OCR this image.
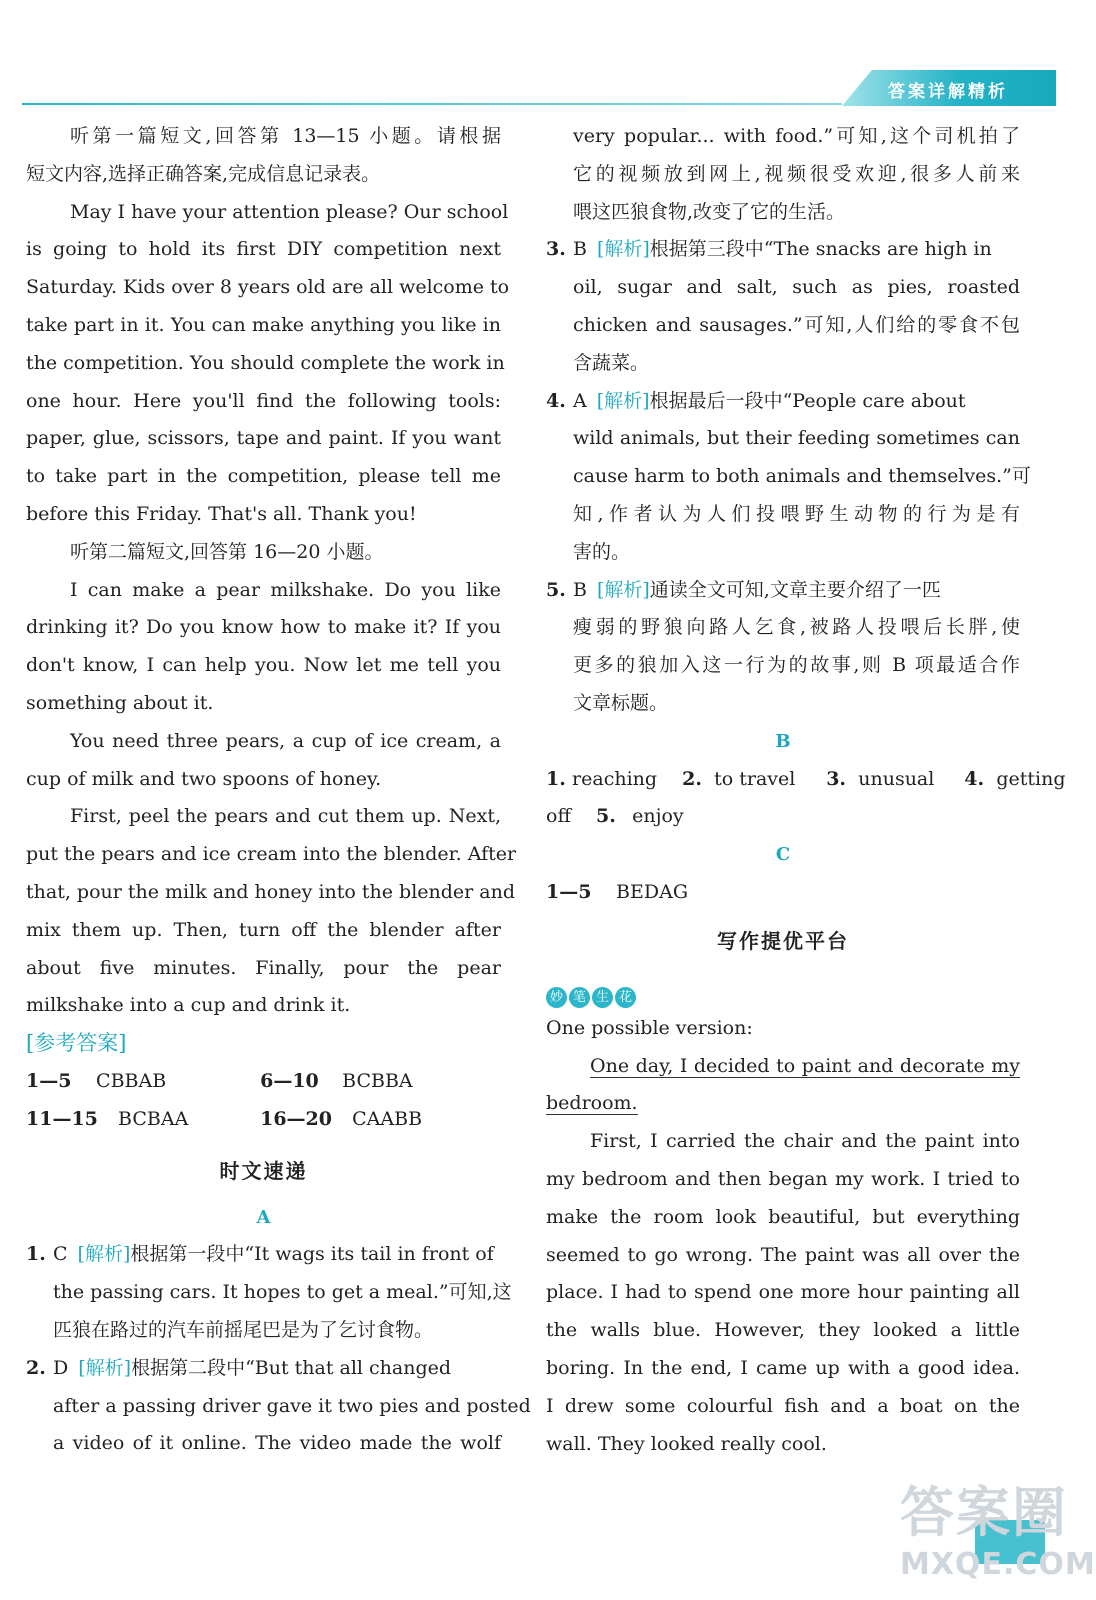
答案详解精析
听第一篇短文,回答第 13—15 小题。请根据
短文内容,选择正确答案,完成信息记录表。
May I have your attention please? Our school
is going to hold its first DIY competition next
Saturday. Kids over 8 years old are all welcome to
take part in it. You can make anything you like in
the competition. You should complete the work in
one hour. Here you'll find the following tools:
paper, glue, scissors, tape and paint. If you want
to take part in the competition, please tell me
before this Friday. That's all. Thank you!
听第二篇短文,回答第 16—20 小题。
I can make a pear milkshake. Do you like
drinking it? Do you know how to make it? If you
don't know, I can help you. Now let me tell you
something about it.
You need three pears, a cup of ice cream, a
cup of milk and two spoons of honey.
First, peel the pears and cut them up. Next,
put the pears and ice cream into the blender. After
that, pour the milk and honey into the blender and
mix them up. Then, turn off the blender after
about five minutes. Finally, pour the pear
milkshake into a cup and drink it.
[参考答案]
1—5 CBBAB	6—10 BCBBA
11—15 BCBAA	16—20 CAABB
时文速递
A
1. C [解析]根据第一段中“It wags its tail in front of
the passing cars. It hopes to get a meal.”可知,这
匹狼在路过的汽车前摇尾巴是为了乞讨食物。
2. D [解析]根据第二段中“But that all changed
after a passing driver gave it two pies and posted
a video of it online. The video made the wolf
very popular... with food.”可知,这个司机拍了
它的视频放到网上,视频很受欢迎,很多人前来
喂这匹狼食物,改变了它的生活。
3. B [解析]根据第三段中“The snacks are high in
oil, sugar and salt, such as pies, roasted
chicken and sausages.”可知,人们给的零食不包
含蔬菜。
4. A [解析]根据最后一段中“People care about
wild animals, but their feeding sometimes can
cause harm to both animals and themselves.”可
知,作者认为人们投喂野生动物的行为是有
害的。
5. B [解析]通读全文可知,文章主要介绍了一匹
瘦弱的野狼向路人乞食,被路人投喂后长胖,使
更多的狼加入这一行为的故事,则 B 项最适合作
文章标题。
B
1. reaching 2. to travel 3. unusual 4. getting
off 5. enjoy
C
1—5 BEDAG
写作提优平台
妙 笔 生 花
One possible version:
One day, I decided to paint and decorate my
bedroom.
First, I carried the chair and the paint into
my bedroom and then began my work. I tried to
make the room look beautiful, but everything
seemed to go wrong. The paint was all over the
place. I had to spend one more hour painting all
the walls blue. However, they looked a little
boring. In the end, I came up with a good idea.
I drew some colourful fish and a boat on the
wall. They looked really cool.
答案圈
MXQE.COM
